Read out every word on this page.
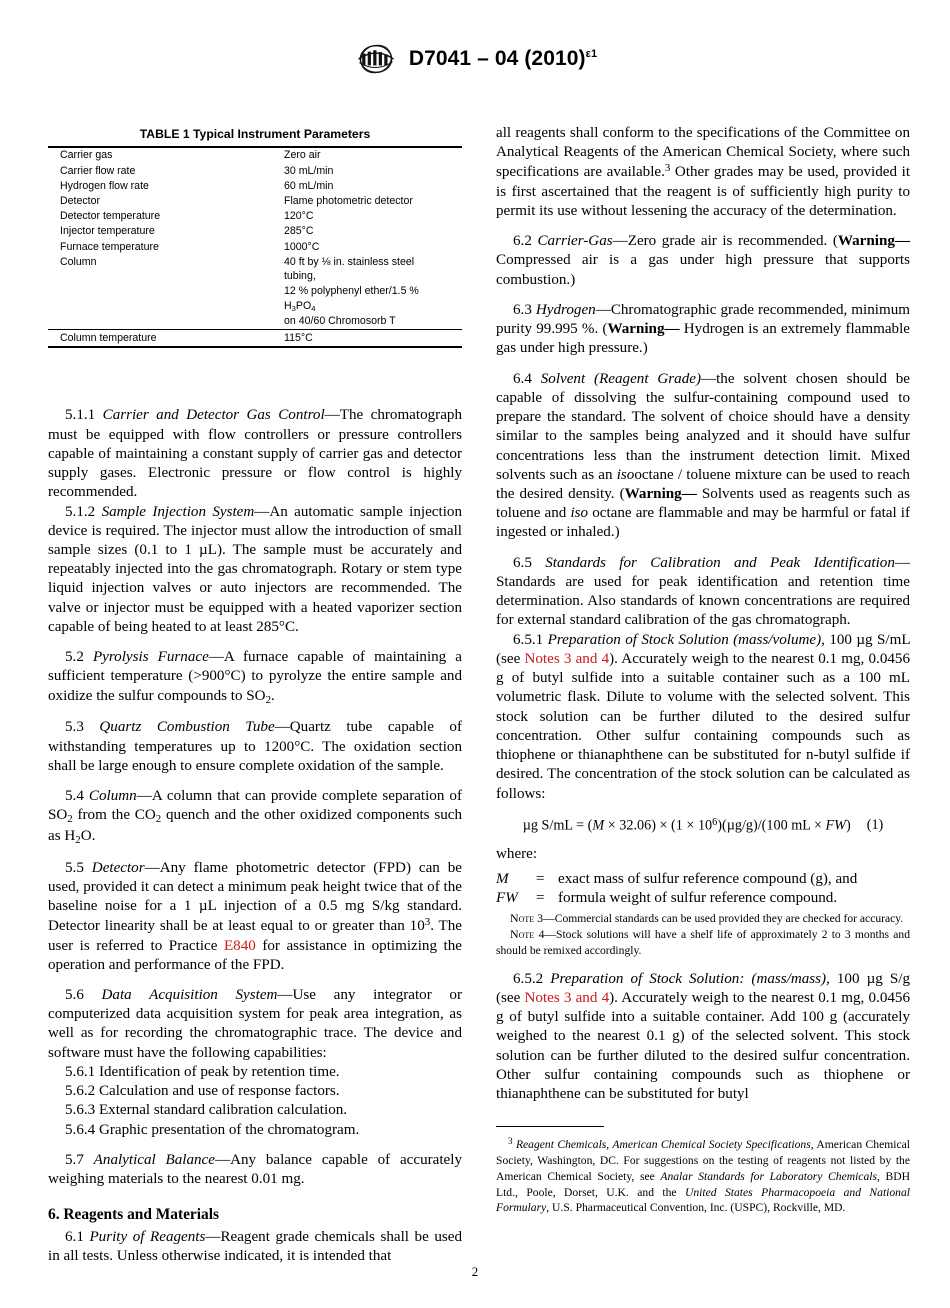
D7041 – 04 $(2010)^{\varepsilon 1}$
TABLE 1 Typical Instrument Parameters
Carrier gas	Zero air
Carrier flow rate	30 mL/min
Hydrogen flow rate	60 mL/min
Detector	Flame photometric detector
Detector temperature	120°C
Injector temperature	285°C
Furnace temperature	1000°C
Column	40 ft by ⅛ in. stainless steel
tubing,
12 % polyphenyl ether/1.5 %
$H_3PO_4$
on 40/60 Chromosorb T
Column temperature	115°C

5.1.1 Carrier and Detector Gas Control—The chromatograph must be equipped with flow controllers or pressure controllers capable of maintaining a constant supply of carrier gas and detector supply gases. Electronic pressure or flow control is highly recommended.

5.1.2 Sample Injection System—An automatic sample injection device is required. The injector must allow the introduction of small sample sizes (0.1 to 1 µL). The sample must be accurately and repeatably injected into the gas chromatograph. Rotary or stem type liquid injection valves or auto injectors are recommended. The valve or injector must be equipped with a heated vaporizer section capable of being heated to at least 285°C.

5.2 Pyrolysis Furnace—A furnace capable of maintaining a sufficient temperature (>900°C) to pyrolyze the entire sample and oxidize the sulfur compounds to $SO_2$.

5.3 Quartz Combustion Tube—Quartz tube capable of withstanding temperatures up to 1200°C. The oxidation section shall be large enough to ensure complete oxidation of the sample.

5.4 Column—A column that can provide complete separation of $SO_2$ from the $CO_2$ quench and the other oxidized components such as $H_2O$.

5.5 Detector—Any flame photometric detector (FPD) can be used, provided it can detect a minimum peak height twice that of the baseline noise for a 1 µL injection of a 0.5 mg S/kg standard. Detector linearity shall be at least equal to or greater than $10^3$. The user is referred to Practice E840 for assistance in optimizing the operation and performance of the FPD.

5.6 Data Acquisition System—Use any integrator or computerized data acquisition system for peak area integration, as well as for recording the chromatographic trace. The device and software must have the following capabilities:

5.6.1 Identification of peak by retention time.

5.6.2 Calculation and use of response factors.

5.6.3 External standard calibration calculation.

5.6.4 Graphic presentation of the chromatogram.

5.7 Analytical Balance—Any balance capable of accurately weighing materials to the nearest 0.01 mg.

6. Reagents and Materials

6.1 Purity of Reagents—Reagent grade chemicals shall be used in all tests. Unless otherwise indicated, it is intended that

all reagents shall conform to the specifications of the Committee on Analytical Reagents of the American Chemical Society, where such specifications are available.$^3$ Other grades may be used, provided it is first ascertained that the reagent is of sufficiently high purity to permit its use without lessening the accuracy of the determination.

6.2 Carrier-Gas—Zero grade air is recommended. (Warning—Compressed air is a gas under high pressure that supports combustion.)

6.3 Hydrogen—Chromatographic grade recommended, minimum purity 99.995 %. (Warning— Hydrogen is an extremely flammable gas under high pressure.)

6.4 Solvent (Reagent Grade)—the solvent chosen should be capable of dissolving the sulfur-containing compound used to prepare the standard. The solvent of choice should have a density similar to the samples being analyzed and it should have sulfur concentrations less than the instrument detection limit. Mixed solvents such as an isooctane / toluene mixture can be used to reach the desired density. (Warning— Solvents used as reagents such as toluene and iso octane are flammable and may be harmful or fatal if ingested or inhaled.)

6.5 Standards for Calibration and Peak Identification—Standards are used for peak identification and retention time determination. Also standards of known concentrations are required for external standard calibration of the gas chromatograph.

6.5.1 Preparation of Stock Solution (mass/volume), 100 µg S/mL (see Notes 3 and 4). Accurately weigh to the nearest 0.1 mg, 0.0456 g of butyl sulfide into a suitable container such as a 100 mL volumetric flask. Dilute to volume with the selected solvent. This stock solution can be further diluted to the desired sulfur concentration. Other sulfur containing compounds such as thiophene or thianaphthene can be substituted for n-butyl sulfide if desired. The concentration of the stock solution can be calculated as follows:

µg $S/mL = (M \times 32.06) \times (1 \times 10^6)(\mu g/g)/(100$ mL × FW) (1)
where:
M	=	exact mass of sulfur reference compound (g), and
FW	=	formula weight of sulfur reference compound.

Note 3—Commercial standards can be used provided they are checked for accuracy.

Note 4—Stock solutions will have a shelf life of approximately 2 to 3 months and should be remixed accordingly.

6.5.2 Preparation of Stock Solution: (mass/mass), 100 µg S/g (see Notes 3 and 4). Accurately weigh to the nearest 0.1 mg, 0.0456 g of butyl sulfide into a suitable container. Add 100 g (accurately weighed to the nearest 0.1 g) of the selected solvent. This stock solution can be further diluted to the desired sulfur concentration. Other sulfur containing compounds such as thiophene or thianaphthene can be substituted for butyl

$^3$ Reagent Chemicals, American Chemical Society Specifications, American Chemical Society, Washington, DC. For suggestions on the testing of reagents not listed by the American Chemical Society, see Analar Standards for Laboratory Chemicals, BDH Ltd., Poole, Dorset, U.K. and the United States Pharmacopoeia and National Formulary, U.S. Pharmaceutical Convention, Inc. (USPC), Rockville, MD.

2
